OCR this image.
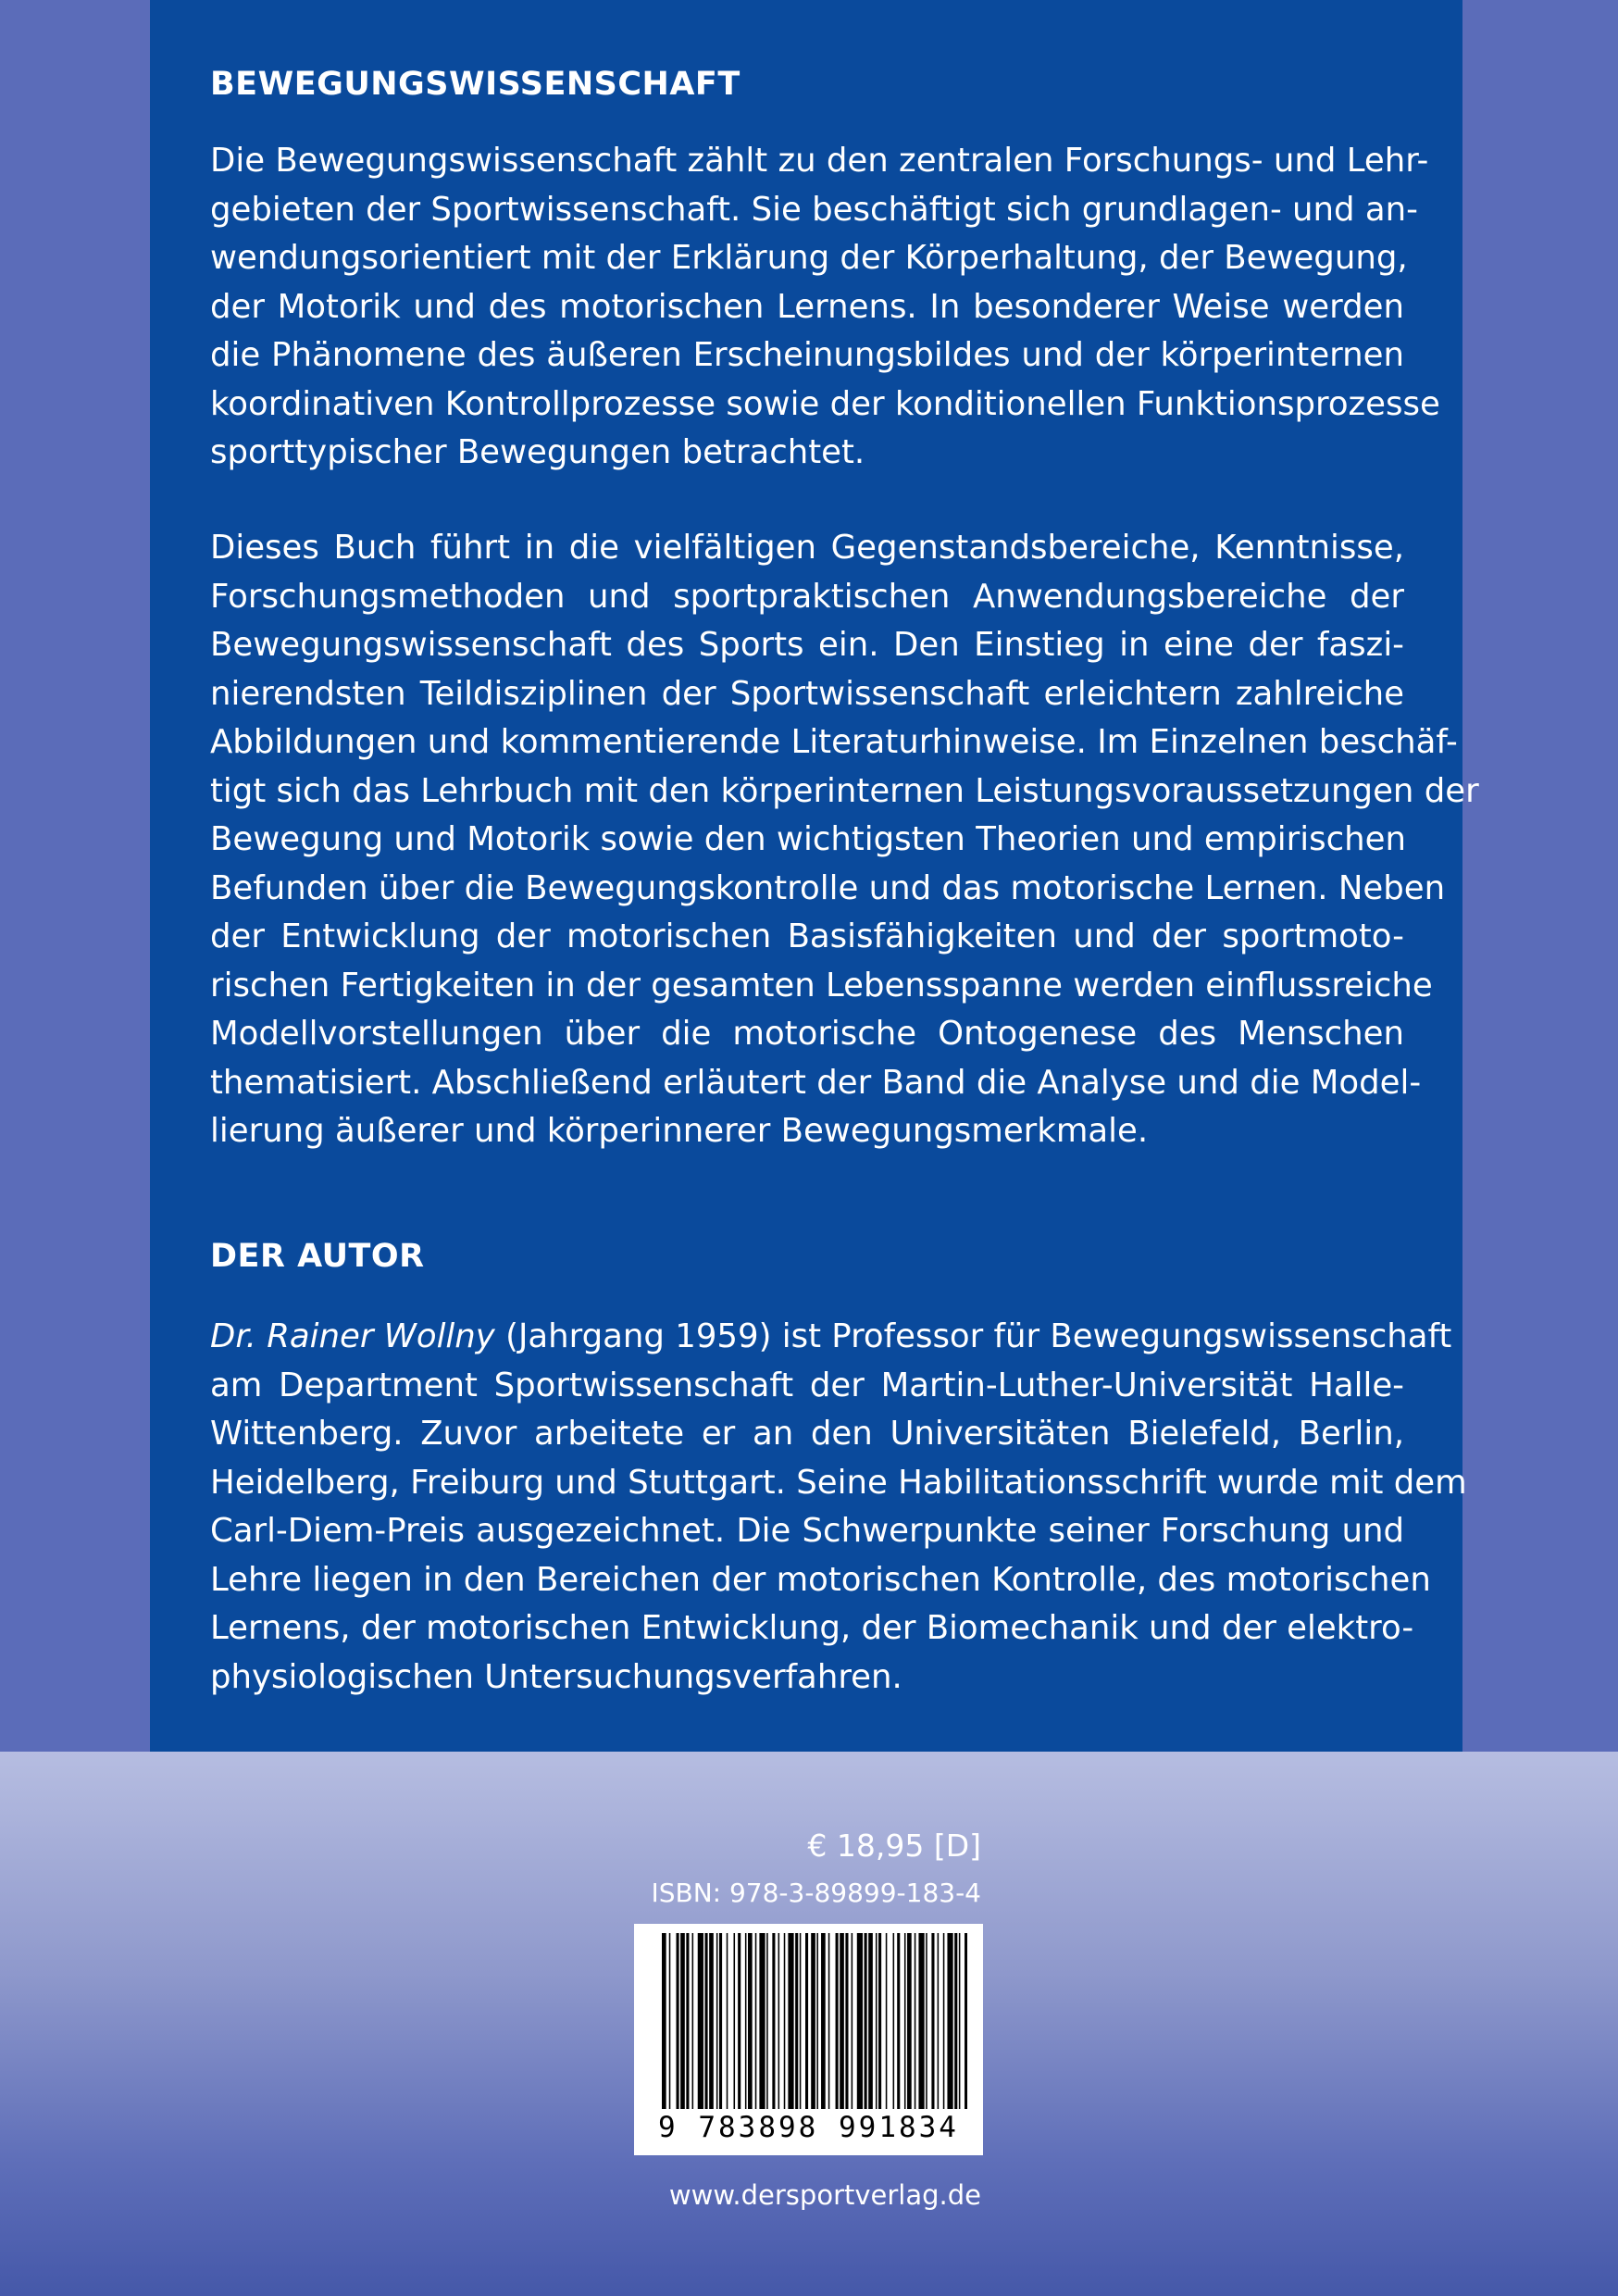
BEWEGUNGSWISSENSCHAFT
Die Bewegungswissenschaft zählt zu den zentralen Forschungs- und Lehr-
gebieten der Sportwissenschaft. Sie beschäftigt sich grundlagen- und an-
wendungsorientiert mit der Erklärung der Körperhaltung, der Bewegung,
der Motorik und des motorischen Lernens. In besonderer Weise werden
die Phänomene des äußeren Erscheinungsbildes und der körperinternen
koordinativen Kontrollprozesse sowie der konditionellen Funktionsprozesse
sporttypischer Bewegungen betrachtet.
Dieses Buch führt in die vielfältigen Gegenstandsbereiche, Kenntnisse,
Forschungsmethoden und sportpraktischen Anwendungsbereiche der
Bewegungswissenschaft des Sports ein. Den Einstieg in eine der faszi-
nierendsten Teildisziplinen der Sportwissenschaft erleichtern zahlreiche
Abbildungen und kommentierende Literaturhinweise. Im Einzelnen beschäf-
tigt sich das Lehrbuch mit den körperinternen Leistungsvoraussetzungen der
Bewegung und Motorik sowie den wichtigsten Theorien und empirischen
Befunden über die Bewegungskontrolle und das motorische Lernen. Neben
der Entwicklung der motorischen Basisfähigkeiten und der sportmoto-
rischen Fertigkeiten in der gesamten Lebensspanne werden einflussreiche
Modellvorstellungen über die motorische Ontogenese des Menschen
thematisiert. Abschließend erläutert der Band die Analyse und die Model-
lierung äußerer und körperinnerer Bewegungsmerkmale.
DER AUTOR
Dr. Rainer Wollny (Jahrgang 1959) ist Professor für Bewegungswissenschaft
am Department Sportwissenschaft der Martin-Luther-Universität Halle-
Wittenberg. Zuvor arbeitete er an den Universitäten Bielefeld, Berlin,
Heidelberg, Freiburg und Stuttgart. Seine Habilitationsschrift wurde mit dem
Carl-Diem-Preis ausgezeichnet. Die Schwerpunkte seiner Forschung und
Lehre liegen in den Bereichen der motorischen Kontrolle, des motorischen
Lernens, der motorischen Entwicklung, der Biomechanik und der elektro-
physiologischen Untersuchungsverfahren.
€ 18,95 [D]
ISBN: 978-3-89899-183-4
9 783898 991834
www.dersportverlag.de
